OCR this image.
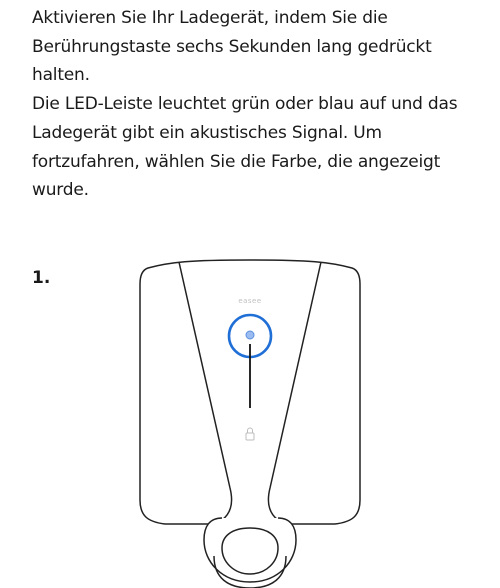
Aktivieren Sie Ihr Ladegerät, indem Sie die Berührungstaste sechs Sekunden lang gedrückt halten.

Die LED-Leiste leuchtet grün oder blau auf und das Ladegerät gibt ein akustisches Signal. Um fortzufahren, wählen Sie die Farbe, die angezeigt wurde.

1.
easee
